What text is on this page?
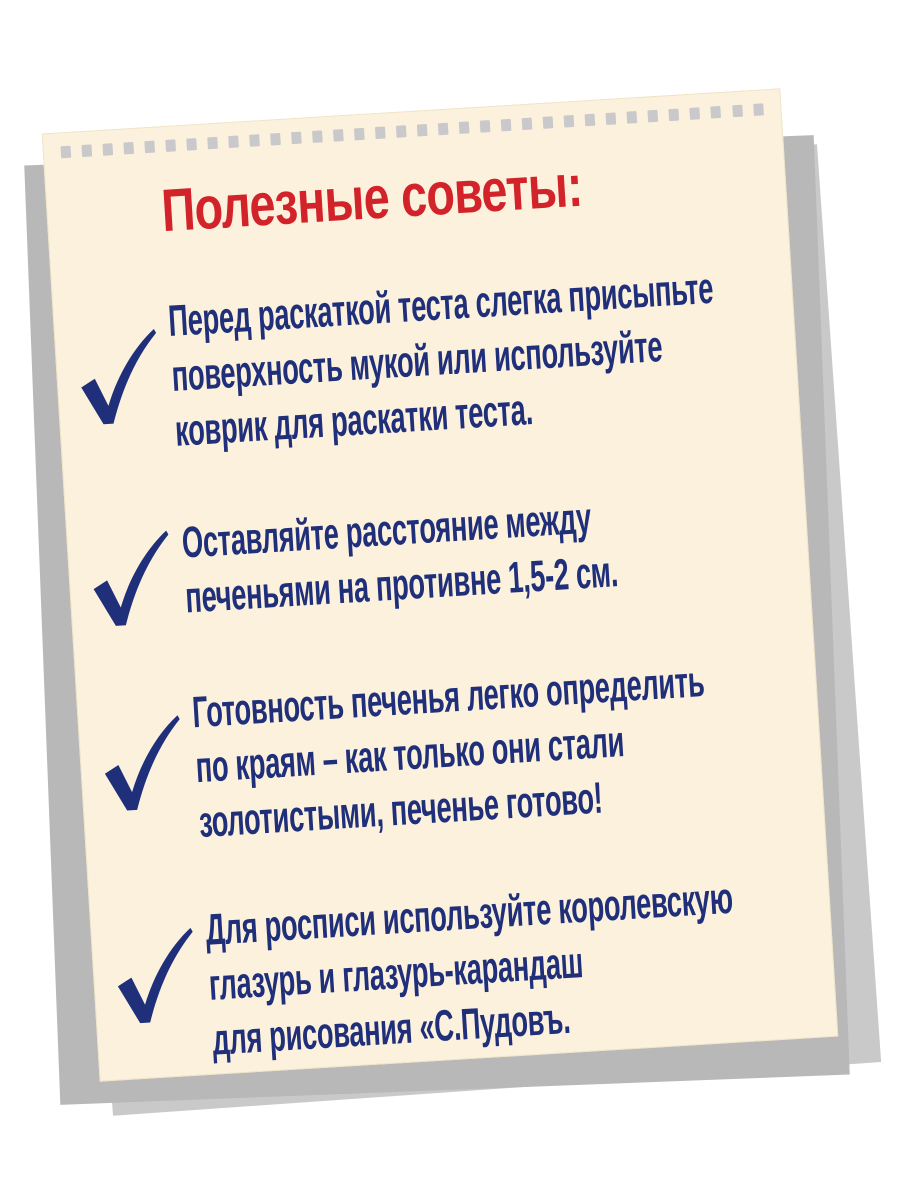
Полезные советы:
Перед раскаткой теста слегка присыпьте
поверхность мукой или используйте
коврик для раскатки теста.
Оставляйте расстояние между
печеньями на противне 1,5-2 см.
Готовность печенья легко определить
по краям – как только они стали
золотистыми, печенье готово!
Для росписи используйте королевскую
глазурь и глазурь-карандаш
для рисования «С.Пудовъ.
